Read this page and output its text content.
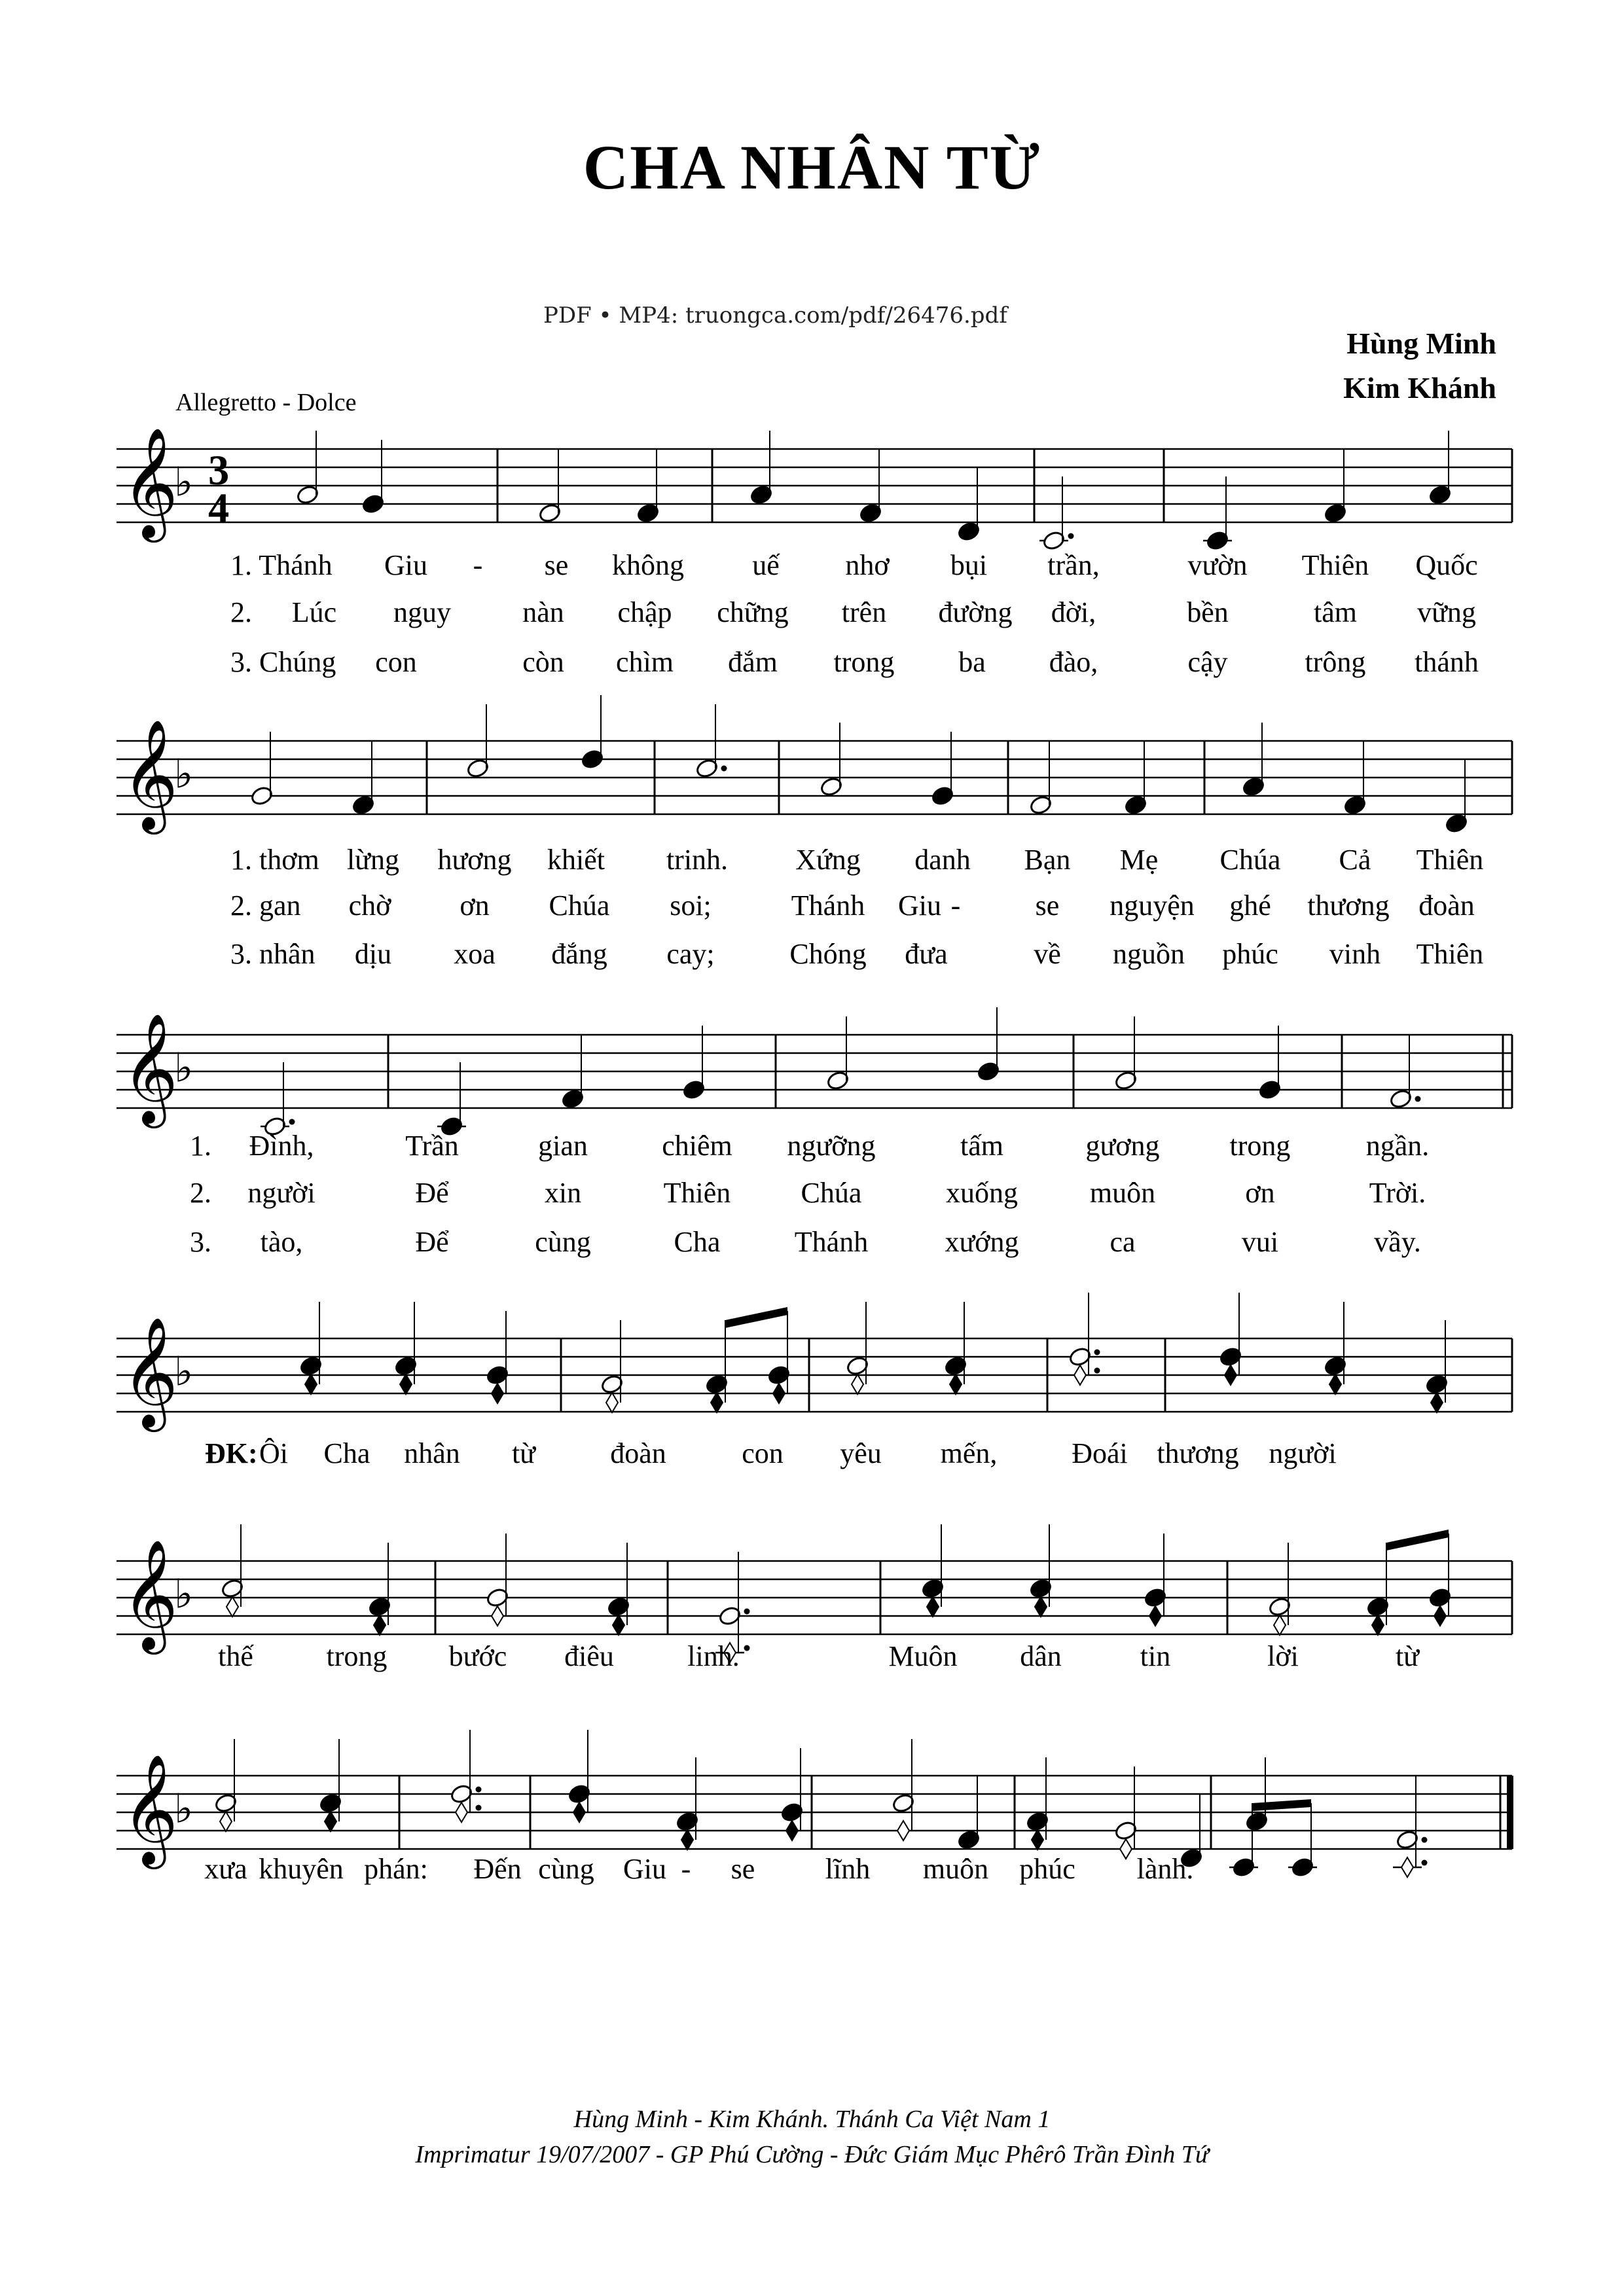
CHA NHÂN TỪ
PDF • MP4: truongca.com/pdf/26476.pdf
Hùng Minh
Kim Khánh
Allegretto - Dolce
𝄞
♭ 3
4
𝄞
♭
𝄞
♭
𝄞
♭
𝄞
♭
𝄞
♭
1. Thánh Giu - se không uế nhơ bụi trần,	vườn Thiên Quốc
2. Lúc nguy nàn chập chững trên đường đời,	bền	tâm vững
3. Chúng con	còn chìm đắm trong ba đào,	cậy	trông thánh
1. thơm lừng hương khiết trinh. Xứng danh Bạn Mẹ Chúa Cả Thiên
2. gan chờ ơn Chúa soi;	Thánh Giu -	se nguyện ghé thương đoàn
3. nhân dịu xoa đắng cay;	Chóng đưa	về nguồn phúc vinh Thiên
1. Đình,	Trần	gian	chiêm ngưỡng	tấm	gương trong	ngần.
2. người	Để	xin	Thiên Chúa	xuống muôn	ơn	Trời.
3. tào,	Để	cùng	Cha	Thánh	xướng	ca	vui	vầy.
ĐK: Ôi Cha nhân từ	đoàn	con yêu mến,	Đoái thương người
thế	trong bước điêu	linh.	Muôn dân	tin	lời	từ
xưa khuyên phán: Đến cùng Giu - se lĩnh muôn phúc lành.
Hùng Minh - Kim Khánh. Thánh Ca Việt Nam 1
Imprimatur 19/07/2007 - GP Phú Cường - Đức Giám Mục Phêrô Trần Đình Tứ
